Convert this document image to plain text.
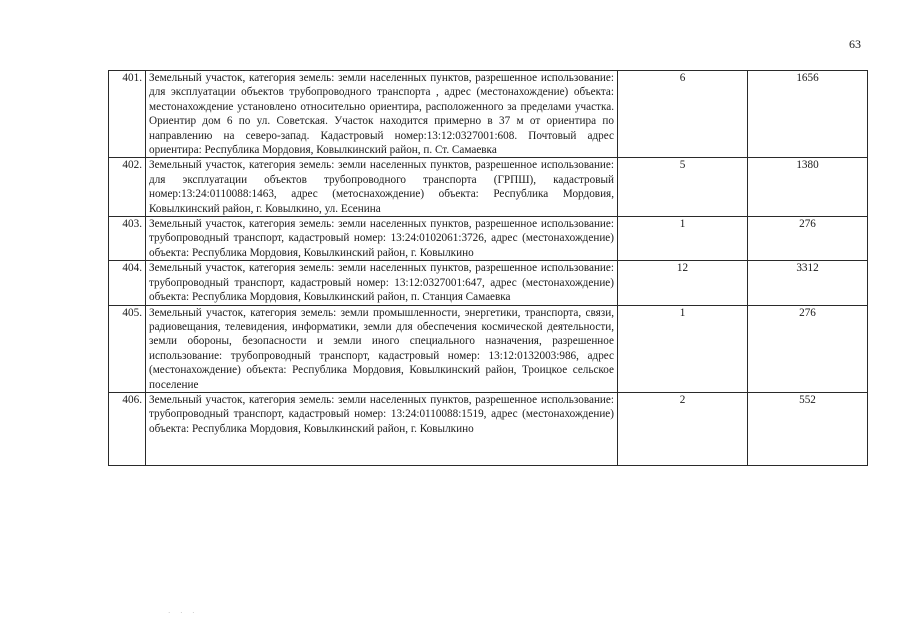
63
401.	Земельный участок, категория земель: земли населенных пунктов, разрешенное использование: для эксплуатации объектов трубопроводного транспорта , адрес (местонахождение) объекта: местонахождение установлено относительно ориентира, расположенного за пределами участка. Ориентир дом 6 по ул. Советская. Участок находится примерно в 37 м от ориентира по направлению на северо-запад. Кадастровый номер:13:12:0327001:608. Почтовый адрес ориентира: Республика Мордовия, Ковылкинский район, п. Ст. Самаевка	6	1656
402.	Земельный участок, категория земель: земли населенных пунктов, разрешенное использование: для эксплуатации объектов трубопроводного транспорта (ГРПШ), кадастровый номер:13:24:0110088:1463, адрес (метоснахождение) объекта: Республика Мордовия, Ковылкинский район, г. Ковылкино, ул. Есенина	5	1380
403.	Земельный участок, категория земель: земли населенных пунктов, разрешенное использование: трубопроводный транспорт, кадастровый номер: 13:24:0102061:3726, адрес (местонахождение) объекта: Республика Мордовия, Ковылкинский район, г. Ковылкино	1	276
404.	Земельный участок, категория земель: земли населенных пунктов, разрешенное использование: трубопроводный транспорт, кадастровый номер: 13:12:0327001:647, адрес (местонахождение) объекта: Республика Мордовия, Ковылкинский район, п. Станция Самаевка	12	3312
405.	Земельный участок, категория земель: земли промышленности, энергетики, транспорта, связи, радиовещания, телевидения, информатики, земли для обеспечения космической деятельности, земли обороны, безопасности и земли иного специального назначения, разрешенное использование: трубопроводный транспорт, кадастровый номер: 13:12:0132003:986, адрес (местонахождение) объекта: Республика Мордовия, Ковылкинский район, Троицкое сельское поселение	1	276
406.	Земельный участок, категория земель: земли населенных пунктов, разрешенное использование: трубопроводный транспорт, кадастровый номер: 13:24:0110088:1519, адрес (местонахождение) объекта: Республика Мордовия, Ковылкинский район, г. Ковылкино	2	552
· · ·
